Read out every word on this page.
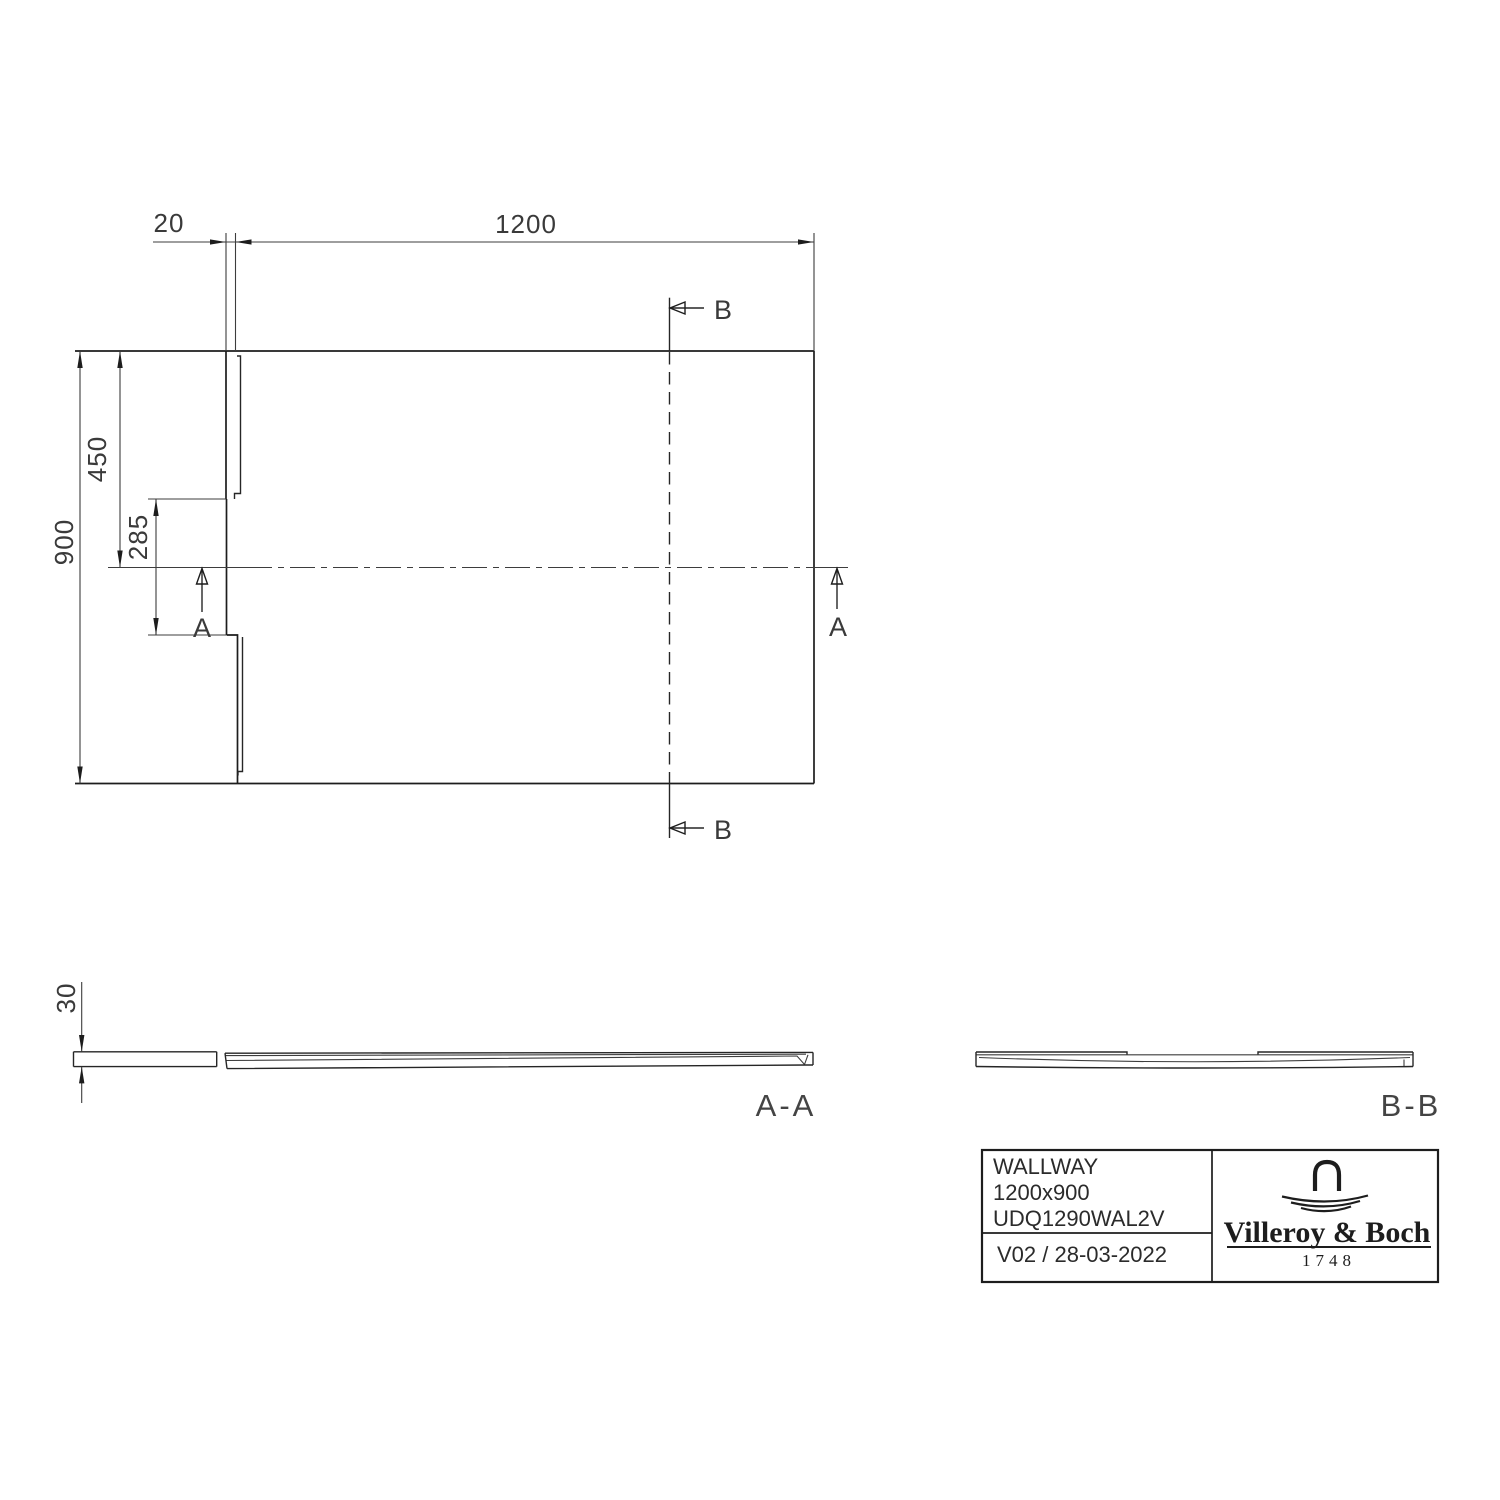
20	1200
900
450
285
A	A
B
B
30
A-A	B-B
WALLWAY
1200x900
UDQ1290WAL2V
V02 / 28-03-2022
Villeroy & Boch
1748
